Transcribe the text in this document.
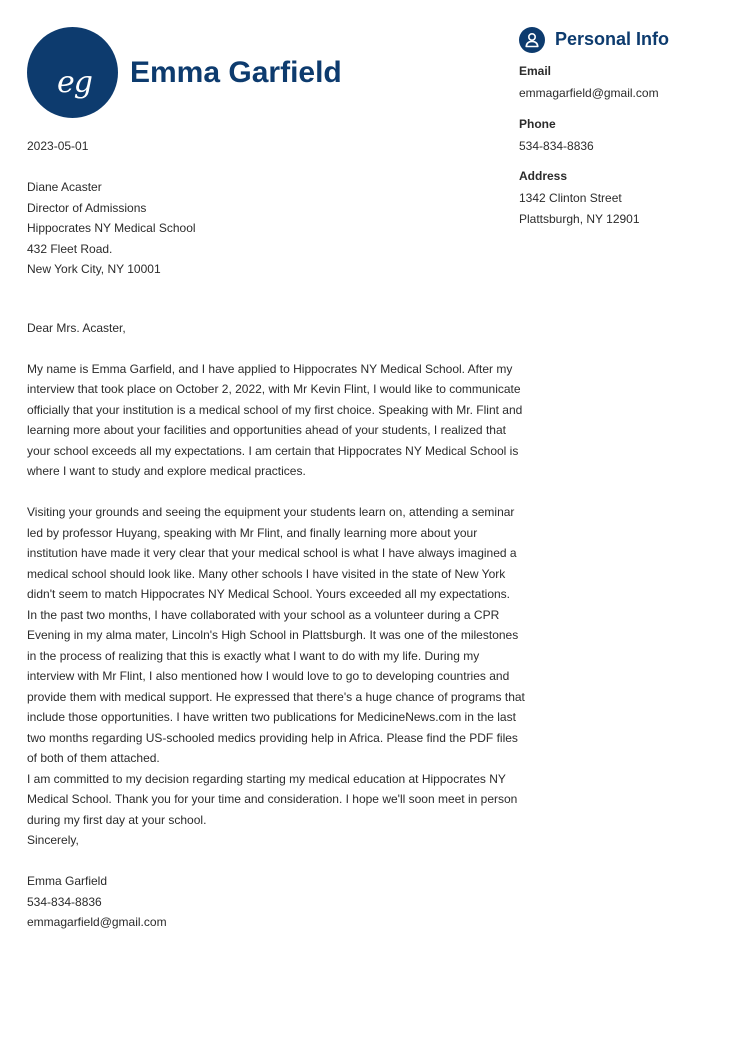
eg Emma Garfield
2023-05-01
Diane Acaster
Director of Admissions
Hippocrates NY Medical School
432 Fleet Road.
New York City, NY 10001
Dear Mrs. Acaster,
My name is Emma Garfield, and I have applied to Hippocrates NY Medical School. After my
interview that took place on October 2, 2022, with Mr Kevin Flint, I would like to communicate
officially that your institution is a medical school of my first choice. Speaking with Mr. Flint and
learning more about your facilities and opportunities ahead of your students, I realized that
your school exceeds all my expectations. I am certain that Hippocrates NY Medical School is
where I want to study and explore medical practices.
Visiting your grounds and seeing the equipment your students learn on, attending a seminar
led by professor Huyang, speaking with Mr Flint, and finally learning more about your
institution have made it very clear that your medical school is what I have always imagined a
medical school should look like. Many other schools I have visited in the state of New York
didn't seem to match Hippocrates NY Medical School. Yours exceeded all my expectations.
In the past two months, I have collaborated with your school as a volunteer during a CPR
Evening in my alma mater, Lincoln's High School in Plattsburgh. It was one of the milestones
in the process of realizing that this is exactly what I want to do with my life. During my
interview with Mr Flint, I also mentioned how I would love to go to developing countries and
provide them with medical support. He expressed that there's a huge chance of programs that
include those opportunities. I have written two publications for MedicineNews.com in the last
two months regarding US-schooled medics providing help in Africa. Please find the PDF files
of both of them attached.
I am committed to my decision regarding starting my medical education at Hippocrates NY
Medical School. Thank you for your time and consideration. I hope we'll soon meet in person
during my first day at your school.
Sincerely,
Emma Garfield
534-834-8836
emmagarfield@gmail.com
Personal Info
Email
emmagarfield@gmail.com
Phone
534-834-8836
Address
1342 Clinton Street
Plattsburgh, NY 12901
